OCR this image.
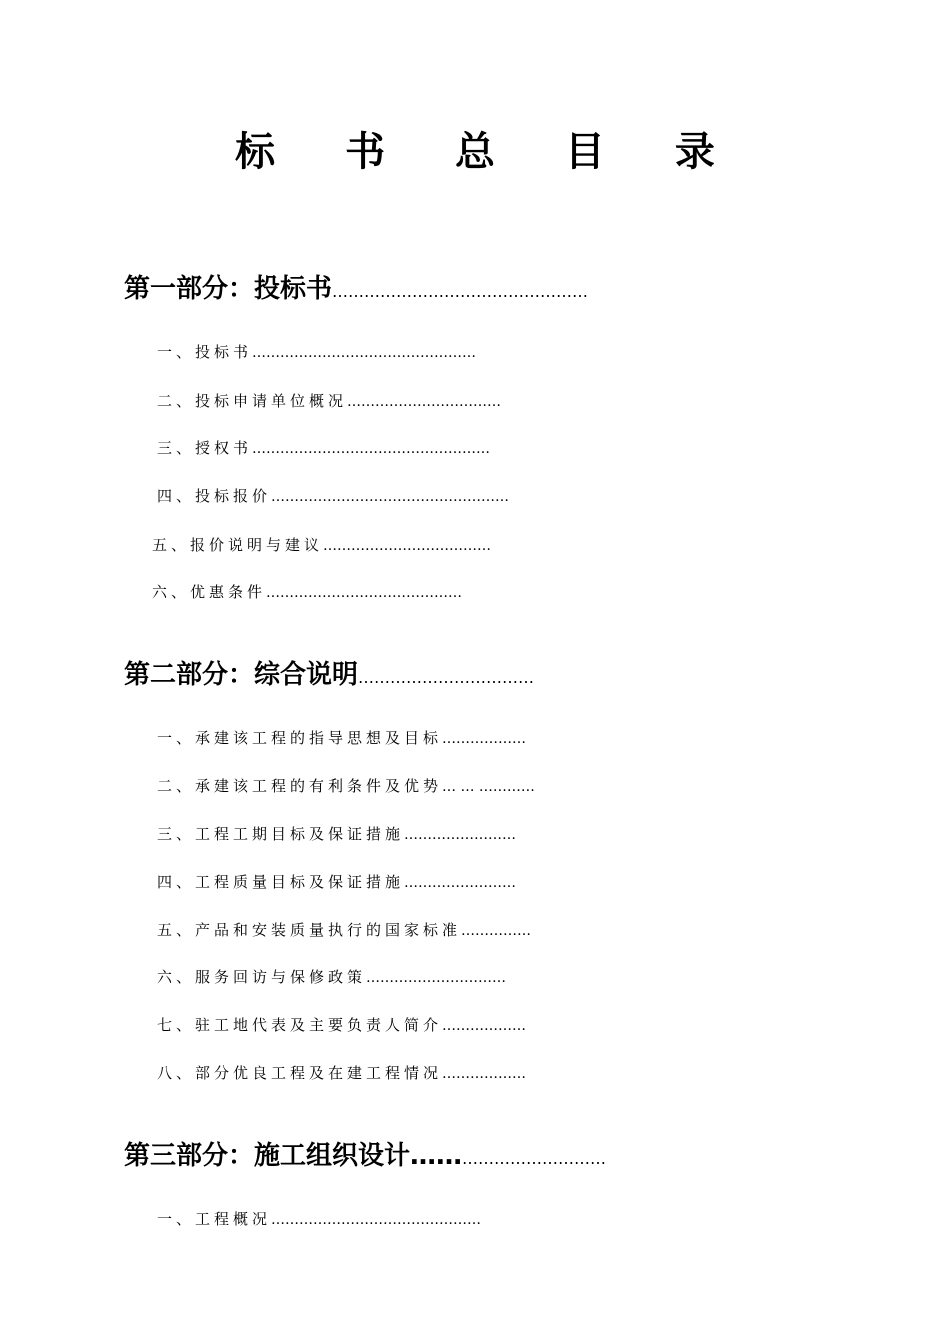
标 书 总 目 录
第一部分：投标书…………………………………………
一、投标书…………………………………………
二、投标申请单位概况……………………………
三、授权书……………………………………………
四、投标报价……………………………………………
五、报价说明与建议………………………………
六、优惠条件……………………………………
第二部分：综合说明……………………………
一、承建该工程的指导思想及目标………………
二、承建该工程的有利条件及优势… … …………
三、工程工期目标及保证措施……………………
四、工程质量目标及保证措施……………………
五、产品和安装质量执行的国家标准……………
六、服务回访与保修政策…………………………
七、驻工地代表及主要负责人简介………………
八、部分优良工程及在建工程情况………………
第三部分：施工组织设计……………………………
一、工程概况………………………………………
